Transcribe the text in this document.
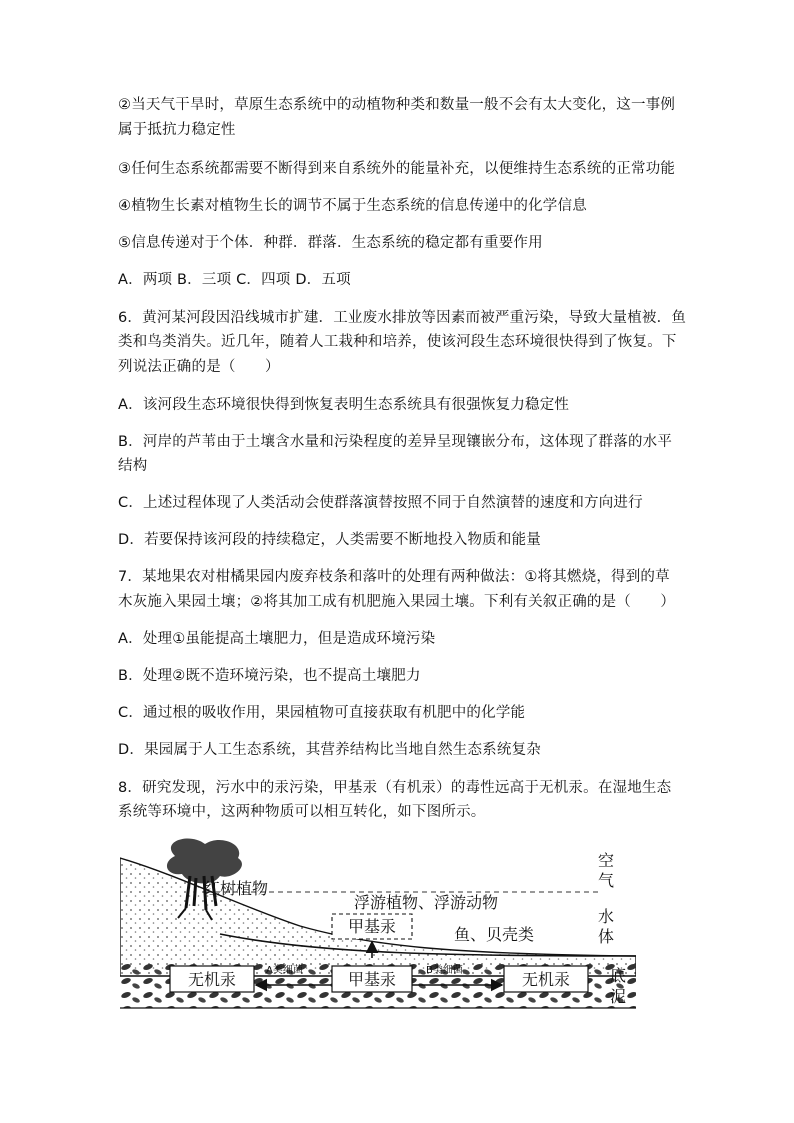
②当天气干旱时，草原生态系统中的动植物种类和数量一般不会有太大变化，这一事例
属于抵抗力稳定性
③任何生态系统都需要不断得到来自系统外的能量补充，以便维持生态系统的正常功能
④植物生长素对植物生长的调节不属于生态系统的信息传递中的化学信息
⑤信息传递对于个体．种群．群落．生态系统的稳定都有重要作用
A．两项 B．三项 C．四项 D．五项
6．黄河某河段因沿线城市扩建．工业废水排放等因素而被严重污染，导致大量植被．鱼
类和鸟类消失。近几年，随着人工栽种和培养，使该河段生态环境很快得到了恢复。下
列说法正确的是（　　）
A．该河段生态环境很快得到恢复表明生态系统具有很强恢复力稳定性
B．河岸的芦苇由于土壤含水量和污染程度的差异呈现镶嵌分布，这体现了群落的水平
结构
C．上述过程体现了人类活动会使群落演替按照不同于自然演替的速度和方向进行
D．若要保持该河段的持续稳定，人类需要不断地投入物质和能量
7．某地果农对柑橘果园内废弃枝条和落叶的处理有两种做法：①将其燃烧，得到的草
木灰施入果园土壤；②将其加工成有机肥施入果园土壤。下利有关叙正确的是（　　）
A．处理①虽能提高土壤肥力，但是造成环境污染
B．处理②既不造环境污染，也不提高土壤肥力
C．通过根的吸收作用，果园植物可直接获取有机肥中的化学能
D．果园属于人工生态系统，其营养结构比当地自然生态系统复杂
8．研究发现，污水中的汞污染，甲基汞（有机汞）的毒性远高于无机汞。在湿地生态
系统等环境中，这两种物质可以相互转化，如下图所示。
红树植物
浮游植物、浮游动物
鱼、贝壳类
甲基汞
无机汞	甲基汞	无机汞
A类细菌	B类细菌
空
气
水
体
底
泥
